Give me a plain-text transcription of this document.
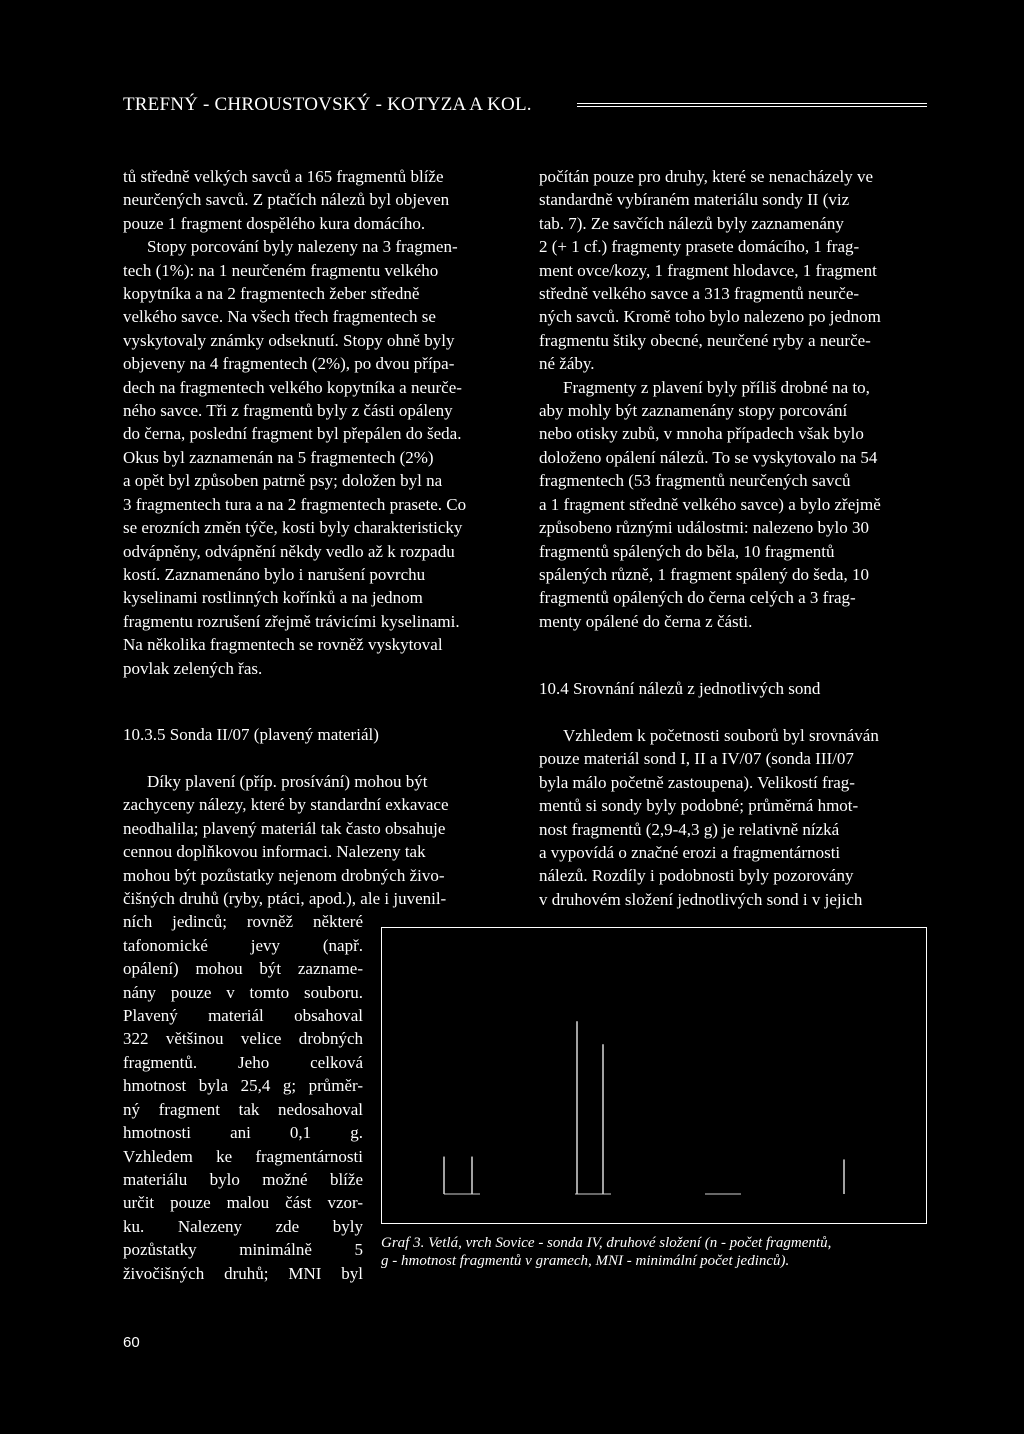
TREFNÝ - CHROUSTOVSKÝ - KOTYZA A KOL.

tů středně velkých savců a 165 fragmentů blíže

neurčených savců. Z ptačích nálezů byl objeven

pouze 1 fragment dospělého kura domácího.

Stopy porcování byly nalezeny na 3 fragmen-

tech (1%): na 1 neurčeném fragmentu velkého

kopytníka a na 2 fragmentech žeber středně

velkého savce. Na všech třech fragmentech se

vyskytovaly známky odseknutí. Stopy ohně byly

objeveny na 4 fragmentech (2%), po dvou přípa-

dech na fragmentech velkého kopytníka a neurče-

ného savce. Tři z fragmentů byly z části opáleny

do černa, poslední fragment byl přepálen do šeda.

Okus byl zaznamenán na 5 fragmentech (2%)

a opět byl způsoben patrně psy; doložen byl na

3 fragmentech tura a na 2 fragmentech prasete. Co

se erozních změn týče, kosti byly charakteristicky

odvápněny, odvápnění někdy vedlo až k rozpadu

kostí. Zaznamenáno bylo i narušení povrchu

kyselinami rostlinných kořínků a na jednom

fragmentu rozrušení zřejmě trávicími kyselinami.

Na několika fragmentech se rovněž vyskytoval

povlak zelených řas.

10.3.5 Sonda II/07 (plavený materiál)

Díky plavení (příp. prosívání) mohou být

zachyceny nálezy, které by standardní exkavace

neodhalila; plavený materiál tak často obsahuje

cennou doplňkovou informaci. Nalezeny tak

mohou být pozůstatky nejenom drobných živo-

čišných druhů (ryby, ptáci, apod.), ale i juvenil-

ních jedinců; rovněž některé

tafonomické jevy (např.

opálení) mohou být zazname-

nány pouze v tomto souboru.

Plavený materiál obsahoval

322 většinou velice drobných

fragmentů. Jeho celková

hmotnost byla 25,4 g; průměr-

ný fragment tak nedosahoval

hmotnosti ani 0,1 g.

Vzhledem ke fragmentárnosti

materiálu bylo možné blíže

určit pouze malou část vzor-

ku. Nalezeny zde byly

pozůstatky minimálně 5

živočišných druhů; MNI byl

počítán pouze pro druhy, které se nenacházely ve

standardně vybíraném materiálu sondy II (viz

tab. 7). Ze savčích nálezů byly zaznamenány

2 (+ 1 cf.) fragmenty prasete domácího, 1 frag-

ment ovce/kozy, 1 fragment hlodavce, 1 fragment

středně velkého savce a 313 fragmentů neurče-

ných savců. Kromě toho bylo nalezeno po jednom

fragmentu štiky obecné, neurčené ryby a neurče-

né žáby.

Fragmenty z plavení byly příliš drobné na to,

aby mohly být zaznamenány stopy porcování

nebo otisky zubů, v mnoha případech však bylo

doloženo opálení nálezů. To se vyskytovalo na 54

fragmentech (53 fragmentů neurčených savců

a 1 fragment středně velkého savce) a bylo zřejmě

způsobeno různými událostmi: nalezeno bylo 30

fragmentů spálených do běla, 10 fragmentů

spálených různě, 1 fragment spálený do šeda, 10

fragmentů opálených do černa celých a 3 frag-

menty opálené do černa z části.

10.4 Srovnání nálezů z jednotlivých sond

Vzhledem k početnosti souborů byl srovnáván

pouze materiál sond I, II a IV/07 (sonda III/07

byla málo početně zastoupena). Velikostí frag-

mentů si sondy byly podobné; průměrná hmot-

nost fragmentů (2,9-4,3 g) je relativně nízká

a vypovídá o značné erozi a fragmentárnosti

nálezů. Rozdíly i podobnosti byly pozorovány

v druhovém složení jednotlivých sond i v jejich

Graf 3. Vetlá, vrch Sovice - sonda IV, druhové složení (n - počet fragmentů,
g - hmotnost fragmentů v gramech, MNI - minimální počet jedinců).
60
